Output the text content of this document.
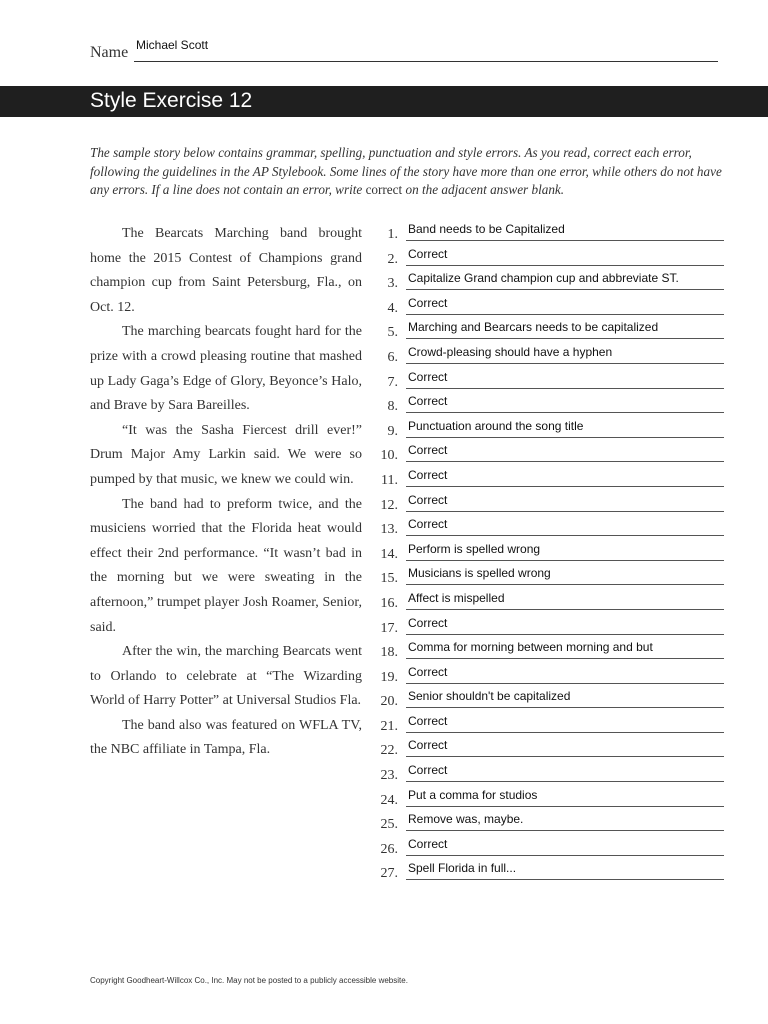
Name Michael Scott
Style Exercise 12
The sample story below contains grammar, spelling, punctuation and style errors. As you read, correct each error, following the guidelines in the AP Stylebook. Some lines of the story have more than one error, while others do not have any errors. If a line does not contain an error, write correct on the adjacent answer blank.

The Bearcats Marching band brought home the 2015 Contest of Champions grand champion cup from Saint Petersburg, Fla., on Oct. 12.

The marching bearcats fought hard for the prize with a crowd pleasing routine that mashed up Lady Gaga’s Edge of Glory, Beyonce’s Halo, and Brave by Sara Bareilles.

“It was the Sasha Fiercest drill ever!” Drum Major Amy Larkin said. We were so pumped by that music, we knew we could win.

The band had to preform twice, and the musiciens worried that the Florida heat would effect their 2nd performance. “It wasn’t bad in the morning but we were sweating in the afternoon,” trumpet player Josh Roamer, Senior, said.

After the win, the marching Bearcats went to Orlando to celebrate at “The Wizarding World of Harry Potter” at Universal Studios Fla.

The band also was featured on WFLA TV, the NBC affiliate in Tampa, Fla.

1. Band needs to be Capitalized
2. Correct
3. Capitalize Grand champion cup and abbreviate ST.
4. Correct
5. Marching and Bearcars needs to be capitalized
6. Crowd-pleasing should have a hyphen
7. Correct
8. Correct
9. Punctuation around the song title
10. Correct
11. Correct
12. Correct
13. Correct
14. Perform is spelled wrong
15. Musicians is spelled wrong
16. Affect is mispelled
17. Correct
18. Comma for morning between morning and but
19. Correct
20. Senior shouldn't be capitalized
21. Correct
22. Correct
23. Correct
24. Put a comma for studios
25. Remove was, maybe.
26. Correct
27. Spell Florida in full...
Copyright Goodheart-Willcox Co., Inc. May not be posted to a publicly accessible website.
